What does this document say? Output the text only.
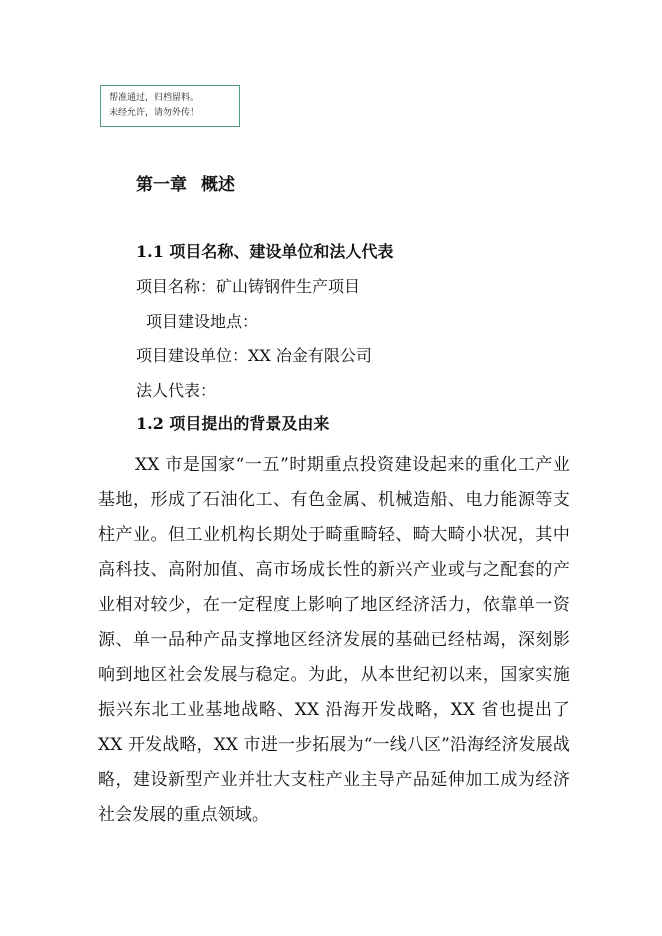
帮准通过，归档留料。
未经允许，请勿外传！
第一章 概述
1.1 项目名称、建设单位和法人代表
项目名称：矿山铸钢件生产项目
项目建设地点：
项目建设单位：XX 冶金有限公司
法人代表：
1.2 项目提出的背景及由来
XX 市是国家“一五”时期重点投资建设起来的重化工产业基地，形成了石油化工、有色金属、机械造船、电力能源等支柱产业。但工业机构长期处于畸重畸轻、畸大畸小状况，其中高科技、高附加值、高市场成长性的新兴产业或与之配套的产业相对较少，在一定程度上影响了地区经济活力，依靠单一资源、单一品种产品支撑地区经济发展的基础已经枯竭，深刻影响到地区社会发展与稳定。为此，从本世纪初以来，国家实施振兴东北工业基地战略、XX 沿海开发战略，XX 省也提出了 XX 开发战略，XX 市进一步拓展为“一线八区”沿海经济发展战略，建设新型产业并壮大支柱产业主导产品延伸加工成为经济社会发展的重点领域。
